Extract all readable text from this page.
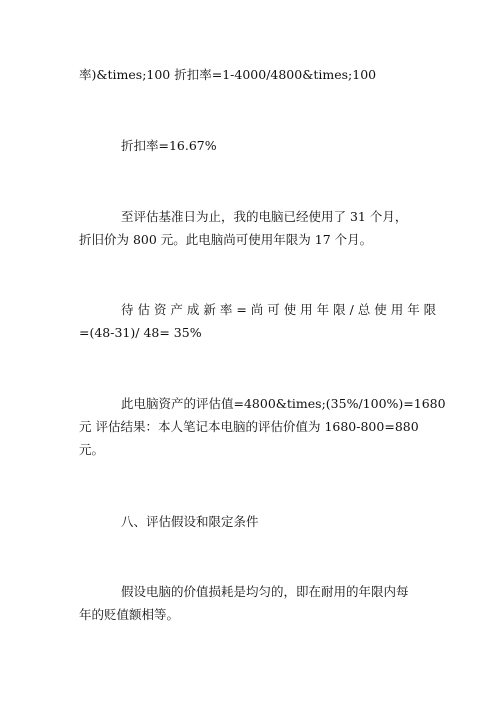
率)&times;100 折扣率=1-4000/4800&times;100
折扣率=16.67%
至评估基准日为止，我的电脑已经使用了 31 个月，
折旧价为 800 元。此电脑尚可使用年限为 17 个月。
待 估 资 产 成 新 率 = 尚 可 使 用 年 限 / 总 使 用 年 限
=(48-31)/ 48= 35%
此电脑资产的评估值=4800&times;(35%/100%)=1680
元 评估结果：本人笔记本电脑的评估价值为 1680-800=880
元。
八、评估假设和限定条件
假设电脑的价值损耗是均匀的，即在耐用的年限内每
年的贬值额相等。
